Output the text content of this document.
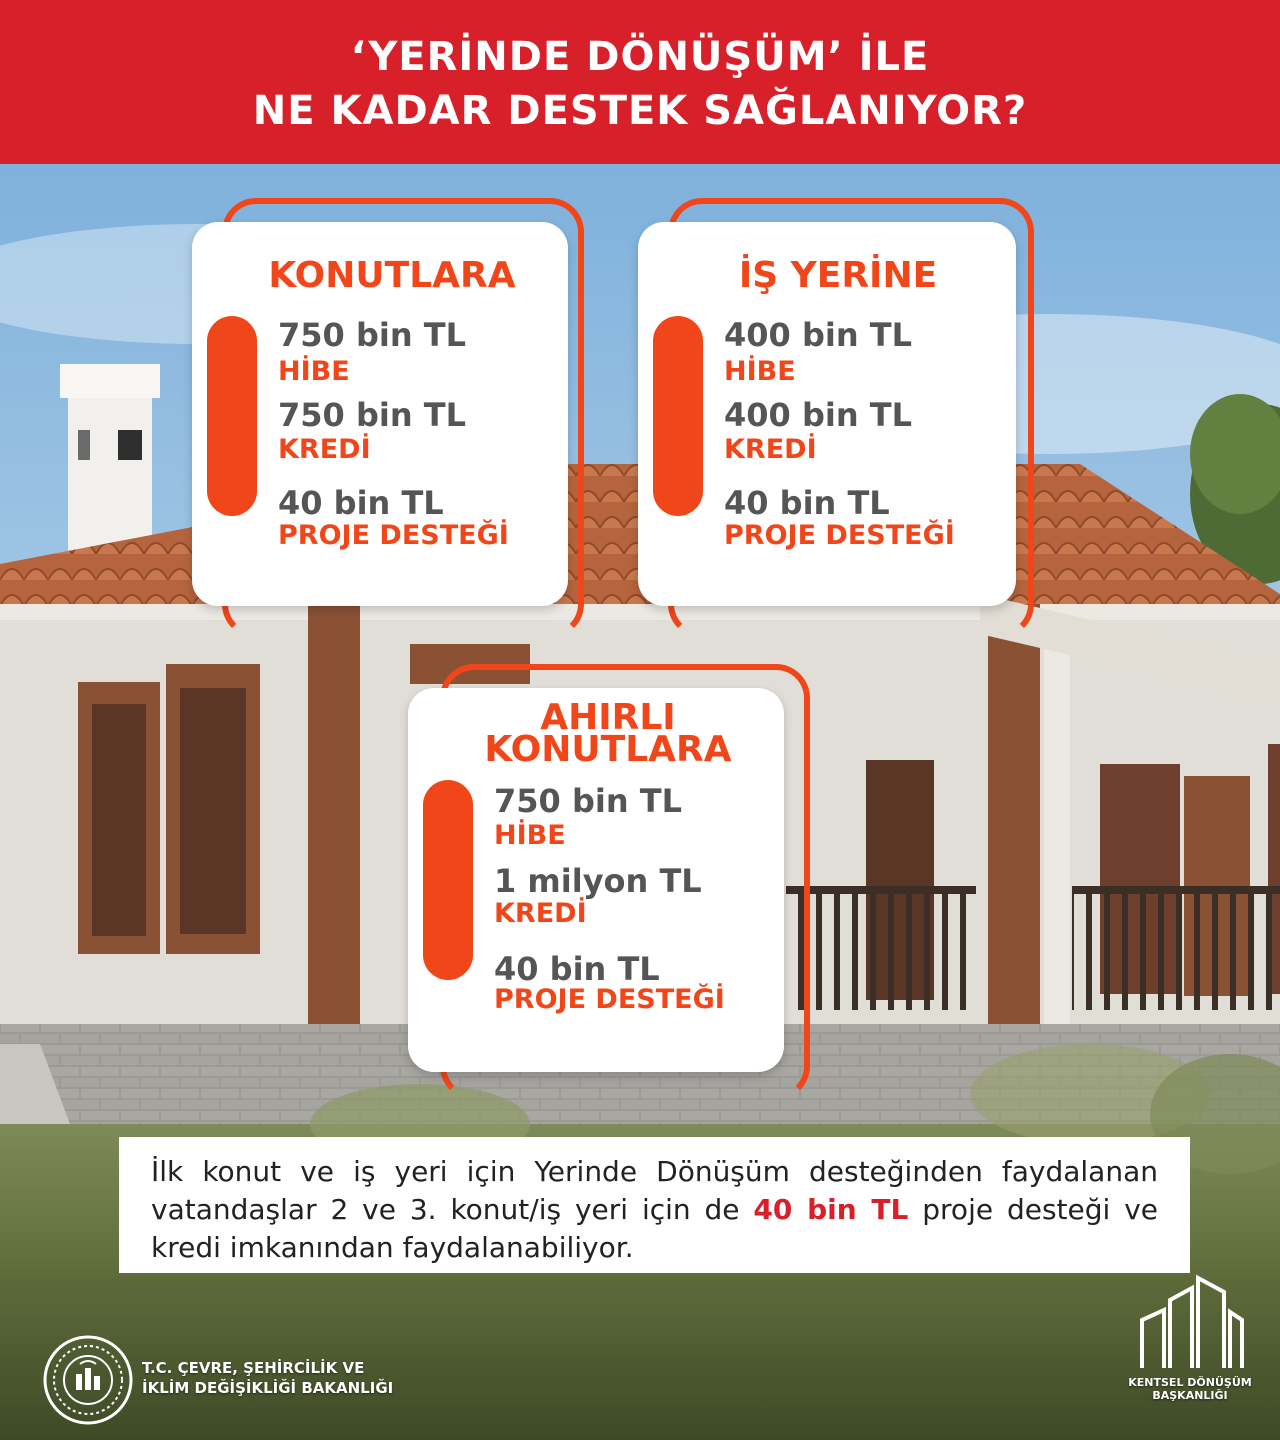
‘YERİNDE DÖNÜŞÜM’ İLE
NE KADAR DESTEK SAĞLANIYOR?
KONUTLARA
750 bin TL
HİBE
750 bin TL
KREDİ
40 bin TL
PROJE DESTEĞİ
İŞ YERİNE
400 bin TL
HİBE
400 bin TL
KREDİ
40 bin TL
PROJE DESTEĞİ
AHIRLI
KONUTLARA
750 bin TL
HİBE
1 milyon TL
KREDİ
40 bin TL
PROJE DESTEĞİ
İlk konut ve iş yeri için Yerinde Dönüşüm desteğinden faydalanan vatandaşlar 2 ve 3. konut/iş yeri için de 40 bin TL proje desteği ve kredi imkanından faydalanabiliyor.
T.C. ÇEVRE, ŞEHİRCİLİK VE
İKLİM DEĞİŞİKLİĞİ BAKANLIĞI	KENTSEL DÖNÜŞÜM
BAŞKANLIĞI
